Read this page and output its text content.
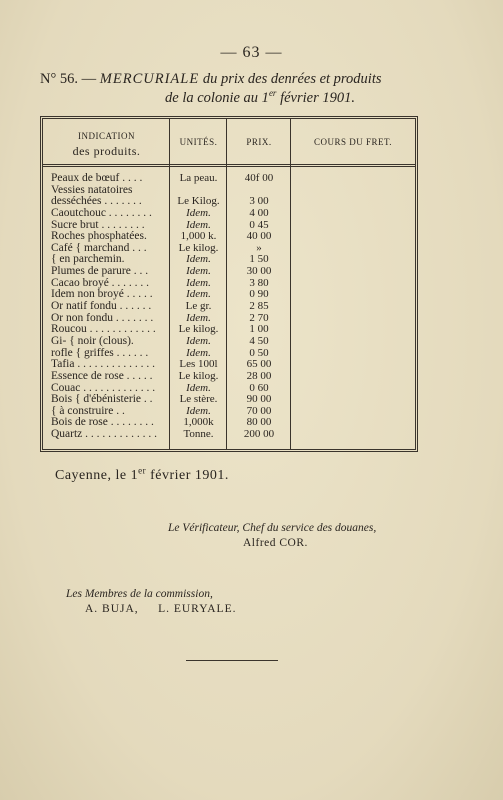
— 63 —
N° 56. — MERCURIALE du prix des denrées et produits
de la colonie au 1er février 1901.
INDICATION
des produits.
UNITÉS.	PRIX.	COURS DU FRET.
Peaux de bœuf . . . .	La peau.	40f 00
Vessies natatoires
desséchées . . . . . . .	Le Kilog.	3 00
Caoutchouc . . . . . . . .	Idem.	4 00
Sucre brut . . . . . . . .	Idem.	0 45
Roches phosphatées.	1,000 k.	40 00
Café { marchand . . .	Le kilog.	»
{ en parchemin.	Idem.	1 50
Plumes de parure . . .	Idem.	30 00
Cacao broyé . . . . . . .	Idem.	3 80
Idem non broyé . . . . .	Idem.	0 90
Or natif fondu . . . . . .	Le gr.	2 85
Or non fondu . . . . . . .	Idem.	2 70
Roucou . . . . . . . . . . . .	Le kilog.	1 00
Gi- { noir (clous).	Idem.	4 50
rofle { griffes . . . . . .	Idem.	0 50
Tafia . . . . . . . . . . . . . .	Les 100l	65 00
Essence de rose . . . . .	Le kilog.	28 00
Couac . . . . . . . . . . . . .	Idem.	0 60
Bois { d'ébénisterie . .	Le stère.	90 00
{ à construire . .	Idem.	70 00
Bois de rose . . . . . . . .	1,000k	80 00
Quartz . . . . . . . . . . . . .	Tonne.	200 00
Cayenne, le 1er février 1901.
Le Vérificateur, Chef du service des douanes,
Alfred COR.
Les Membres de la commission,
A. BUJA, L. EURYALE.
